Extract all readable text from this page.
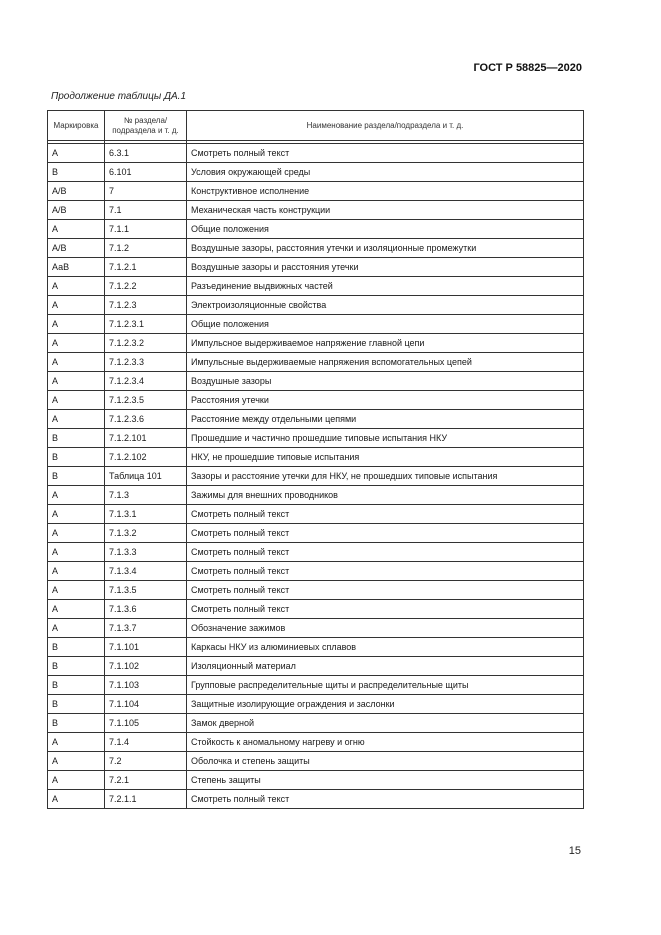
ГОСТ Р 58825—2020
Продолжение таблицы ДА.1
Маркировка	№ раздела/ подраздела и т. д.	Наименование раздела/подраздела и т. д.

А	6.3.1	Смотреть полный текст
В	6.101	Условия окружающей среды
А/В	7	Конструктивное исполнение
А/В	7.1	Механическая часть конструкции
А	7.1.1	Общие положения
А/В	7.1.2	Воздушные зазоры, расстояния утечки и изоляционные промежутки
АаВ	7.1.2.1	Воздушные зазоры и расстояния утечки
А	7.1.2.2	Разъединение выдвижных частей
А	7.1.2.3	Электроизоляционные свойства
А	7.1.2.3.1	Общие положения
А	7.1.2.3.2	Импульсное выдерживаемое напряжение главной цепи
А	7.1.2.3.3	Импульсные выдерживаемые напряжения вспомогательных цепей
А	7.1.2.3.4	Воздушные зазоры
А	7.1.2.3.5	Расстояния утечки
А	7.1.2.3.6	Расстояние между отдельными цепями
В	7.1.2.101	Прошедшие и частично прошедшие типовые испытания НКУ
В	7.1.2.102	НКУ, не прошедшие типовые испытания
В	Таблица 101	Зазоры и расстояние утечки для НКУ, не прошедших типовые испытания
А	7.1.3	Зажимы для внешних проводников
А	7.1.3.1	Смотреть полный текст
А	7.1.3.2	Смотреть полный текст
А	7.1.3.3	Смотреть полный текст
А	7.1.3.4	Смотреть полный текст
А	7.1.3.5	Смотреть полный текст
А	7.1.3.6	Смотреть полный текст
А	7.1.3.7	Обозначение зажимов
В	7.1.101	Каркасы НКУ из алюминиевых сплавов
В	7.1.102	Изоляционный материал
В	7.1.103	Групповые распределительные щиты и распределительные щиты
В	7.1.104	Защитные изолирующие ограждения и заслонки
В	7.1.105	Замок дверной
А	7.1.4	Стойкость к аномальному нагреву и огню
А	7.2	Оболочка и степень защиты
А	7.2.1	Степень защиты
А	7.2.1.1	Смотреть полный текст
15
